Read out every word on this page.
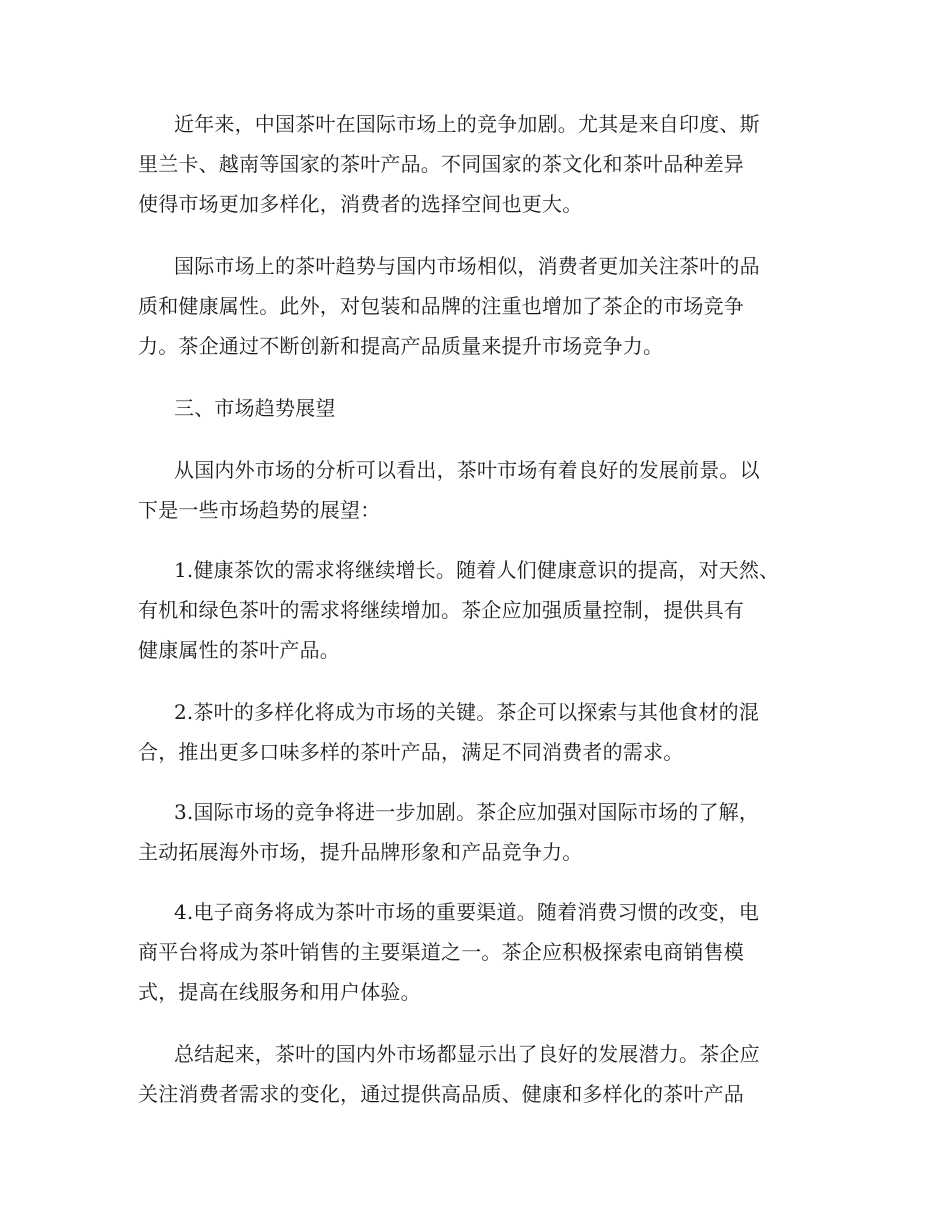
近年来，中国茶叶在国际市场上的竞争加剧。尤其是来自印度、斯
里兰卡、越南等国家的茶叶产品。不同国家的茶文化和茶叶品种差异
使得市场更加多样化，消费者的选择空间也更大。
国际市场上的茶叶趋势与国内市场相似，消费者更加关注茶叶的品
质和健康属性。此外，对包装和品牌的注重也增加了茶企的市场竞争
力。茶企通过不断创新和提高产品质量来提升市场竞争力。
三、市场趋势展望
从国内外市场的分析可以看出，茶叶市场有着良好的发展前景。以
下是一些市场趋势的展望：
1.健康茶饮的需求将继续增长。随着人们健康意识的提高，对天然、
有机和绿色茶叶的需求将继续增加。茶企应加强质量控制，提供具有
健康属性的茶叶产品。
2.茶叶的多样化将成为市场的关键。茶企可以探索与其他食材的混
合，推出更多口味多样的茶叶产品，满足不同消费者的需求。
3.国际市场的竞争将进一步加剧。茶企应加强对国际市场的了解，
主动拓展海外市场，提升品牌形象和产品竞争力。
4.电子商务将成为茶叶市场的重要渠道。随着消费习惯的改变，电
商平台将成为茶叶销售的主要渠道之一。茶企应积极探索电商销售模
式，提高在线服务和用户体验。
总结起来，茶叶的国内外市场都显示出了良好的发展潜力。茶企应
关注消费者需求的变化，通过提供高品质、健康和多样化的茶叶产品
